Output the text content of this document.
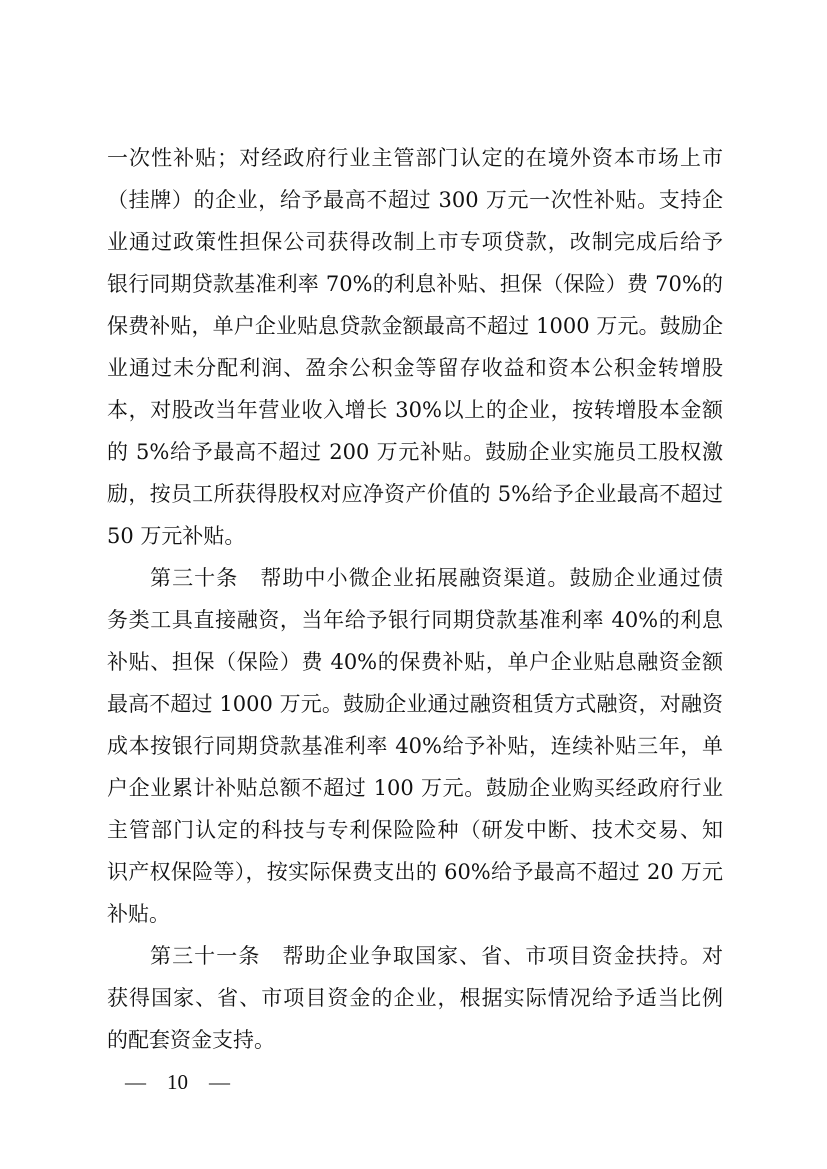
一次性补贴；对经政府行业主管部门认定的在境外资本市场上市
（挂牌）的企业，给予最高不超过 300 万元一次性补贴。支持企
业通过政策性担保公司获得改制上市专项贷款，改制完成后给予
银行同期贷款基准利率 70%的利息补贴、担保（保险）费 70%的
保费补贴，单户企业贴息贷款金额最高不超过 1000 万元。鼓励企
业通过未分配利润、盈余公积金等留存收益和资本公积金转增股
本，对股改当年营业收入增长 30%以上的企业，按转增股本金额
的 5%给予最高不超过 200 万元补贴。鼓励企业实施员工股权激
励，按员工所获得股权对应净资产价值的 5%给予企业最高不超过
50 万元补贴。
第三十条　帮助中小微企业拓展融资渠道。鼓励企业通过债
务类工具直接融资，当年给予银行同期贷款基准利率 40%的利息
补贴、担保（保险）费 40%的保费补贴，单户企业贴息融资金额
最高不超过 1000 万元。鼓励企业通过融资租赁方式融资，对融资
成本按银行同期贷款基准利率 40%给予补贴，连续补贴三年，单
户企业累计补贴总额不超过 100 万元。鼓励企业购买经政府行业
主管部门认定的科技与专利保险险种（研发中断、技术交易、知
识产权保险等），按实际保费支出的 60%给予最高不超过 20 万元
补贴。
第三十一条　帮助企业争取国家、省、市项目资金扶持。对
获得国家、省、市项目资金的企业，根据实际情况给予适当比例
的配套资金支持。
—　10　—
